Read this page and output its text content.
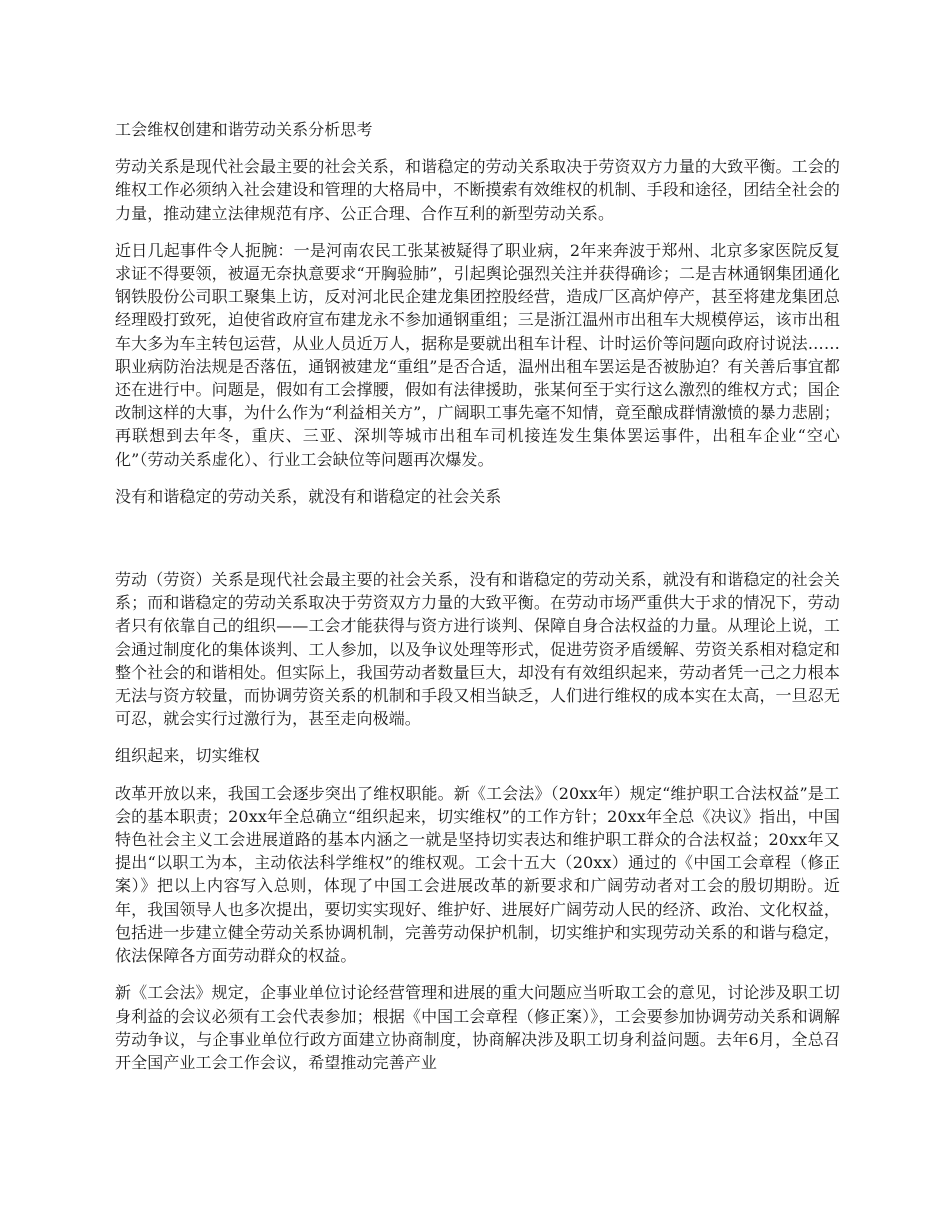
工会维权创建和谐劳动关系分析思考

劳动关系是现代社会最主要的社会关系，和谐稳定的劳动关系取决于劳资双方力量的大致平衡。工会的维权工作必须纳入社会建设和管理的大格局中，不断摸索有效维权的机制、手段和途径，团结全社会的力量，推动建立法律规范有序、公正合理、合作互利的新型劳动关系。

近日几起事件令人扼腕：一是河南农民工张某被疑得了职业病，2年来奔波于郑州、北京多家医院反复求证不得要领，被逼无奈执意要求“开胸验肺”，引起舆论强烈关注并获得确诊；二是吉林通钢集团通化钢铁股份公司职工聚集上访，反对河北民企建龙集团控股经营，造成厂区高炉停产，甚至将建龙集团总经理殴打致死，迫使省政府宣布建龙永不参加通钢重组；三是浙江温州市出租车大规模停运，该市出租车大多为车主转包运营，从业人员近万人，据称是要就出租车计程、计时运价等问题向政府讨说法……职业病防治法规是否落伍，通钢被建龙“重组”是否合适，温州出租车罢运是否被胁迫？有关善后事宜都还在进行中。问题是，假如有工会撑腰，假如有法律援助，张某何至于实行这么激烈的维权方式；国企改制这样的大事，为什么作为“利益相关方”，广阔职工事先毫不知情，竟至酿成群情激愤的暴力悲剧；再联想到去年冬，重庆、三亚、深圳等城市出租车司机接连发生集体罢运事件，出租车企业“空心化”（劳动关系虚化）、行业工会缺位等问题再次爆发。

没有和谐稳定的劳动关系，就没有和谐稳定的社会关系

劳动（劳资）关系是现代社会最主要的社会关系，没有和谐稳定的劳动关系，就没有和谐稳定的社会关系；而和谐稳定的劳动关系取决于劳资双方力量的大致平衡。在劳动市场严重供大于求的情况下，劳动者只有依靠自己的组织——工会才能获得与资方进行谈判、保障自身合法权益的力量。从理论上说，工会通过制度化的集体谈判、工人参加，以及争议处理等形式，促进劳资矛盾缓解、劳资关系相对稳定和整个社会的和谐相处。但实际上，我国劳动者数量巨大，却没有有效组织起来，劳动者凭一己之力根本无法与资方较量，而协调劳资关系的机制和手段又相当缺乏，人们进行维权的成本实在太高，一旦忍无可忍，就会实行过激行为，甚至走向极端。

组织起来，切实维权

改革开放以来，我国工会逐步突出了维权职能。新《工会法》（20xx年）规定“维护职工合法权益”是工会的基本职责；20xx年全总确立“组织起来，切实维权”的工作方针；20xx年全总《决议》指出，中国特色社会主义工会进展道路的基本内涵之一就是坚持切实表达和维护职工群众的合法权益；20xx年又提出“以职工为本，主动依法科学维权”的维权观。工会十五大（20xx）通过的《中国工会章程（修正案）》把以上内容写入总则，体现了中国工会进展改革的新要求和广阔劳动者对工会的殷切期盼。近年，我国领导人也多次提出，要切实实现好、维护好、进展好广阔劳动人民的经济、政治、文化权益，包括进一步建立健全劳动关系协调机制，完善劳动保护机制，切实维护和实现劳动关系的和谐与稳定，依法保障各方面劳动群众的权益。

新《工会法》规定，企事业单位讨论经营管理和进展的重大问题应当听取工会的意见，讨论涉及职工切身利益的会议必须有工会代表参加；根据《中国工会章程（修正案）》，工会要参加协调劳动关系和调解劳动争议，与企事业单位行政方面建立协商制度，协商解决涉及职工切身利益问题。去年6月，全总召开全国产业工会工作会议，希望推动完善产业
